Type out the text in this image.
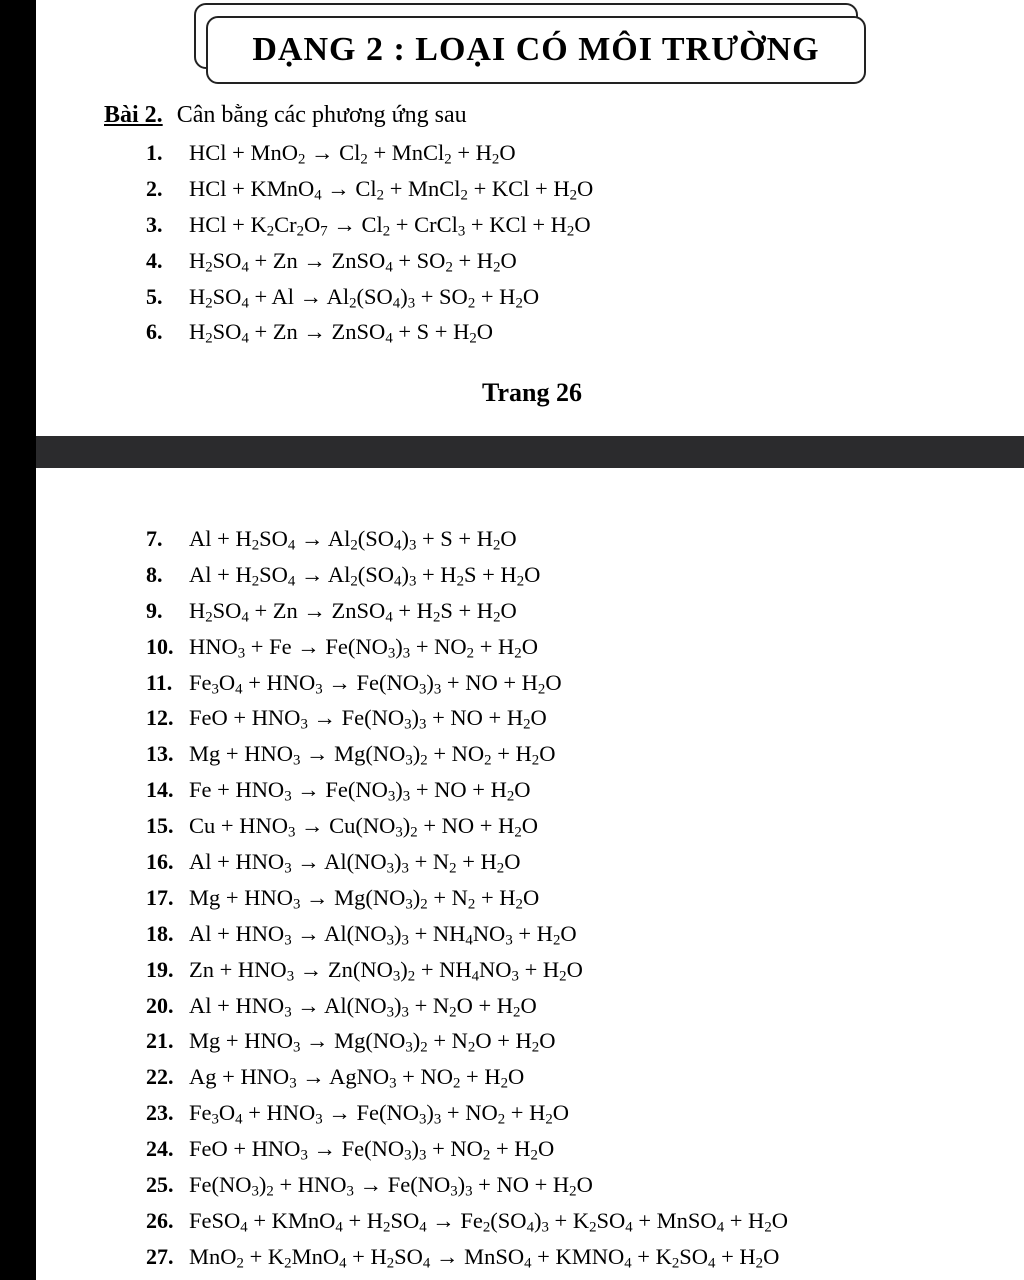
DẠNG 2 : LOẠI CÓ MÔI TRƯỜNG
Bài 2. Cân bằng các phương ứng sau
1.	HCl + $MnO_2 \to Cl_2$ + MnCl$_2$ + $H_2O$
2.	HCl + KMnO$_4$ → $Cl_2$ + MnCl$_2$ + KCl + $H_2O$
3.	HCl + $K_2Cr_2O_7 \to Cl_2$ + CrCl$_3$ + KCl + $H_2O$
4.	$H_2SO_4 + Zn$ → ZnSO$_4$ + $SO_2 + H_2O$
5.	$H_2SO_4 + Al \to Al_2(SO_4)_3 + SO_2 + H_2O$
6.	$H_2SO_4 + Zn$ → ZnSO$_4$ + $S + H_2O$
Trang 26
7.	$Al + H_2SO_4 \to Al_2(SO_4)_3 + S + H_2O$
8.	$Al + H_2SO_4 \to Al_2(SO_4)_3 + H_2S + H_2O$
9.	$H_2SO_4 + Zn$ → ZnSO$_4$ + $H_2S + H_2O$
10. $HNO_3 + Fe \to Fe(NO_3)_3 + NO_2 + H_2O$
11. $Fe_3O_4 + HNO_3 \to Fe(NO_3)_3$ + NO + $H_2O$
12. FeO + $HNO_3 \to Fe(NO_3)_3$ + NO + $H_2O$
13. $Mg + HNO_3 \to Mg(NO_3)_2 + NO_2 + H_2O$
14. $Fe + HNO_3 \to Fe(NO_3)_3$ + NO + $H_2O$
15. $Cu + HNO_3 \to Cu(NO_3)_2$ + NO + $H_2O$
16. $Al + HNO_3 \to Al(NO_3)_3 + N_2 + H_2O$
17. $Mg + HNO_3 \to Mg(NO_3)_2 + N_2 + H_2O$
18. $Al + HNO_3 \to Al(NO_3)_3 + NH_4NO_3 + H_2O$
19. $Zn + HNO_3 \to Zn(NO_3)_2 + NH_4NO_3 + H_2O$
20. $Al + HNO_3 \to Al(NO_3)_3 + N_2O + H_2O$
21. $Mg + HNO_3 \to Mg(NO_3)_2 + N_2O + H_2O$
22. $Ag + HNO_3$ → AgNO$_3$ + $NO_2 + H_2O$
23. $Fe_3O_4 + HNO_3 \to Fe(NO_3)_3 + NO_2 + H_2O$
24. FeO + $HNO_3 \to Fe(NO_3)_3 + NO_2 + H_2O$
25. $Fe(NO_3)_2 + HNO_3 \to Fe(NO_3)_3$ + NO + $H_2O$
26. FeSO$_4$ + KMnO$_4$ + $H_2SO_4 \to Fe_2(SO_4)_3 + K_2SO_4$ + MnSO$_4$ + $H_2O$
27. $MnO_2 + K_2MnO_4 + H_2SO_4$ → MnSO$_4$ + $KMNO_4 + K_2SO_4 + H_2O$
